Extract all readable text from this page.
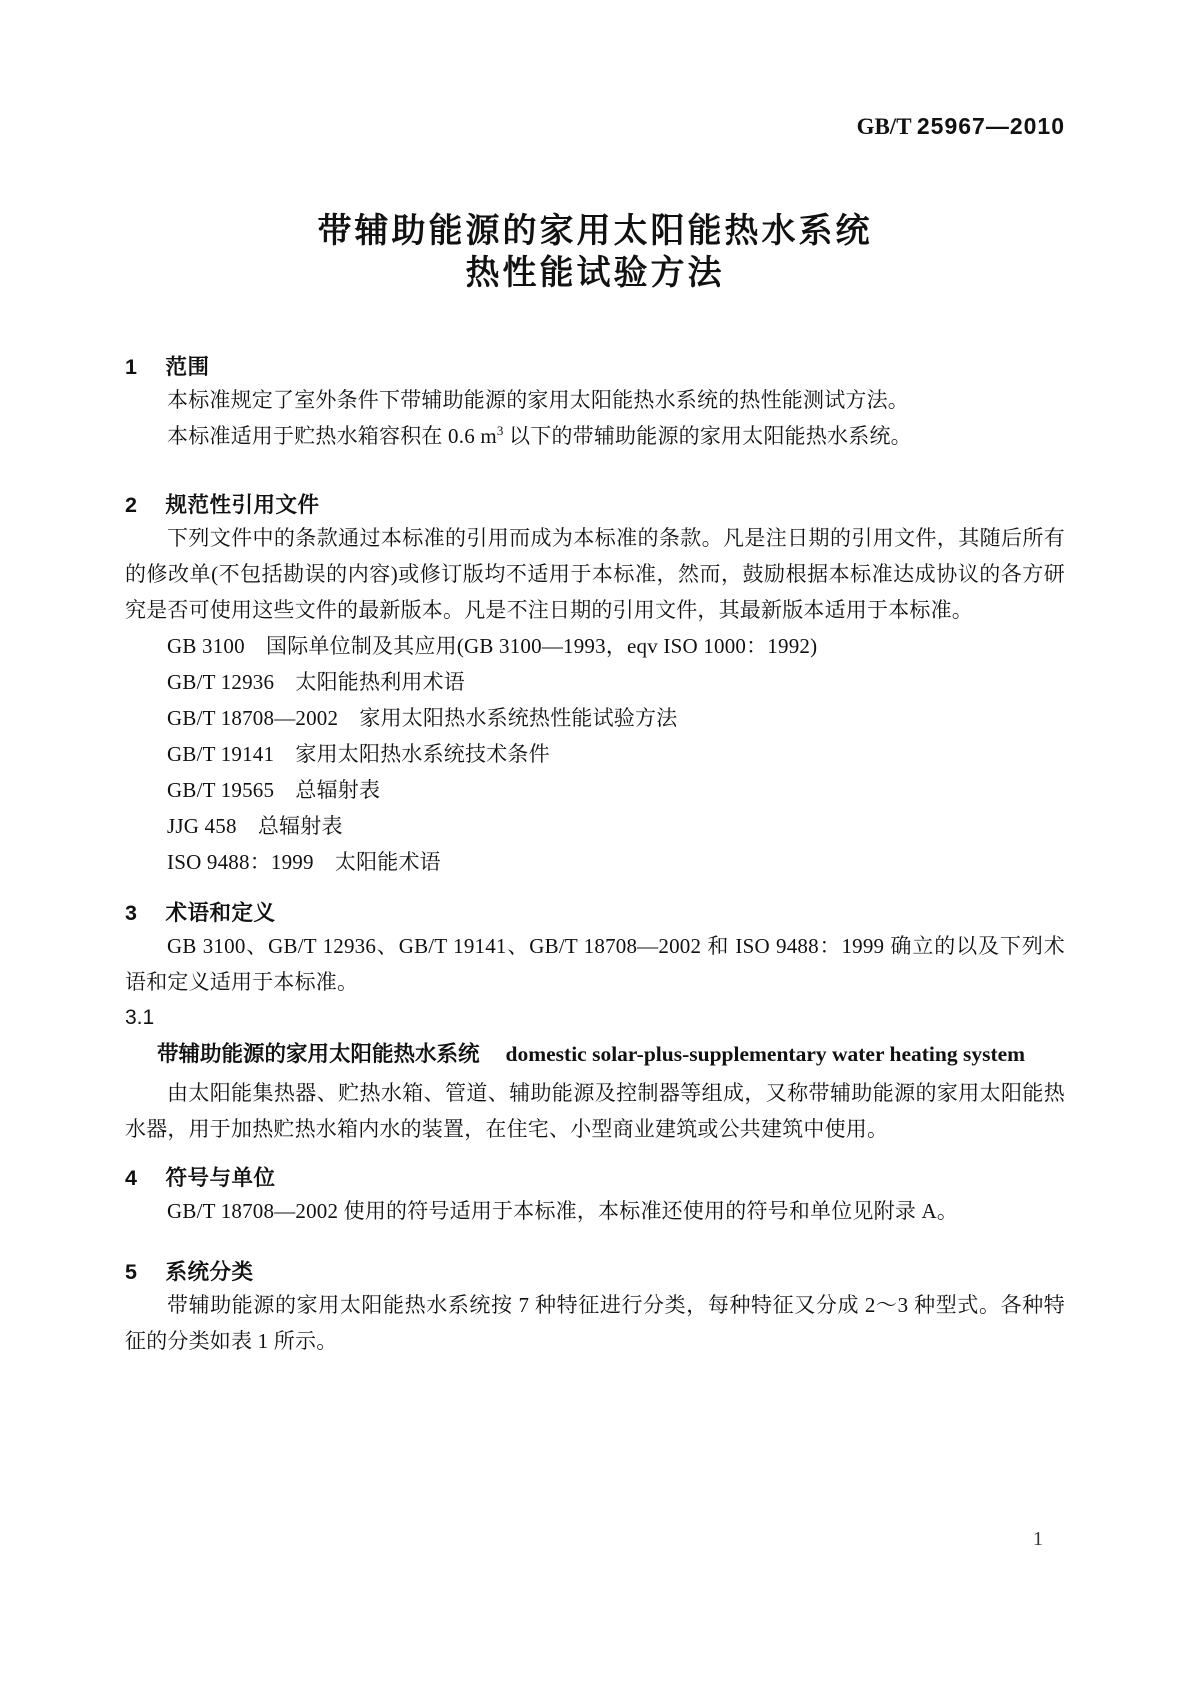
GB/T 25967—2010
带辅助能源的家用太阳能热水系统
热性能试验方法
1 范围

本标准规定了室外条件下带辅助能源的家用太阳能热水系统的热性能测试方法。

本标准适用于贮热水箱容积在 0.6 $m^3$ 以下的带辅助能源的家用太阳能热水系统。

2 规范性引用文件

下列文件中的条款通过本标准的引用而成为本标准的条款。凡是注日期的引用文件，其随后所有的修改单(不包括勘误的内容)或修订版均不适用于本标准，然而，鼓励根据本标准达成协议的各方研究是否可使用这些文件的最新版本。凡是不注日期的引用文件，其最新版本适用于本标准。

GB 3100　国际单位制及其应用(GB 3100—1993，eqv ISO 1000：1992)

GB/T 12936　太阳能热利用术语

GB/T 18708—2002　家用太阳热水系统热性能试验方法

GB/T 19141　家用太阳热水系统技术条件

GB/T 19565　总辐射表

JJG 458　总辐射表

ISO 9488：1999　太阳能术语

3 术语和定义

GB 3100、GB/T 12936、GB/T 19141、GB/T 18708—2002 和 ISO 9488：1999 确立的以及下列术语和定义适用于本标准。

3.1

带辅助能源的家用太阳能热水系统 domestic solar-plus-supplementary water heating system

由太阳能集热器、贮热水箱、管道、辅助能源及控制器等组成，又称带辅助能源的家用太阳能热水器，用于加热贮热水箱内水的装置，在住宅、小型商业建筑或公共建筑中使用。

4 符号与单位

GB/T 18708—2002 使用的符号适用于本标准，本标准还使用的符号和单位见附录 A。

5 系统分类

带辅助能源的家用太阳能热水系统按 7 种特征进行分类，每种特征又分成 2～3 种型式。各种特征的分类如表 1 所示。

1
